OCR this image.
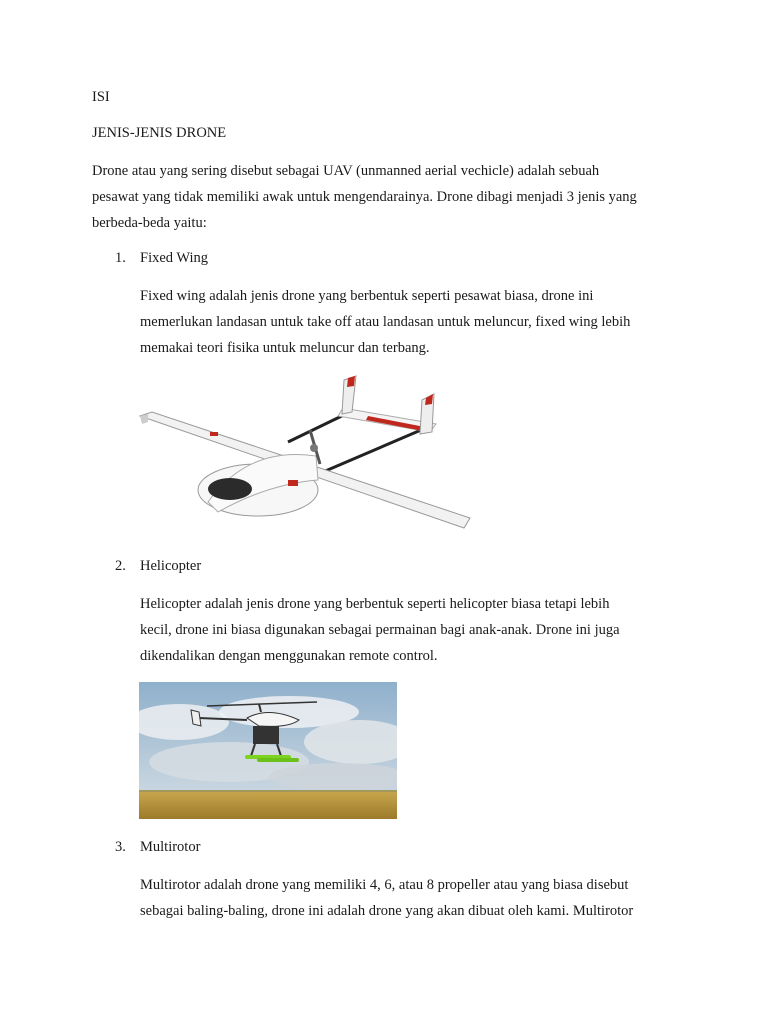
ISI
JENIS-JENIS DRONE
Drone atau yang sering disebut sebagai UAV (unmanned aerial vechicle) adalah sebuah
pesawat yang tidak memiliki awak untuk mengendarainya. Drone dibagi menjadi 3 jenis yang
berbeda-beda yaitu:
1. Fixed Wing
Fixed wing adalah jenis drone yang berbentuk seperti pesawat biasa, drone ini
memerlukan landasan untuk take off atau landasan untuk meluncur, fixed wing lebih
memakai teori fisika untuk meluncur dan terbang.
2. Helicopter
Helicopter adalah jenis drone yang berbentuk seperti helicopter biasa tetapi lebih
kecil, drone ini biasa digunakan sebagai permainan bagi anak-anak. Drone ini juga
dikendalikan dengan menggunakan remote control.
3. Multirotor
Multirotor adalah drone yang memiliki 4, 6, atau 8 propeller atau yang biasa disebut
sebagai baling-baling, drone ini adalah drone yang akan dibuat oleh kami. Multirotor
